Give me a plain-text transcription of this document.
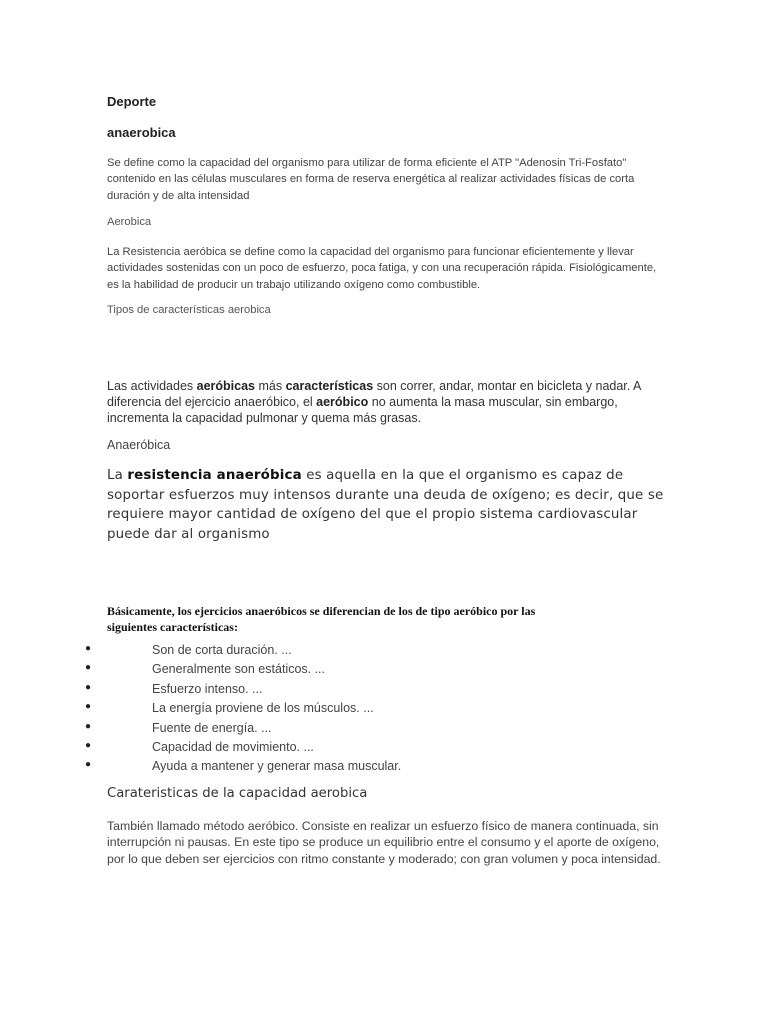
Deporte

anaerobica

Se define como la capacidad del organismo para utilizar de forma eficiente el ATP "Adenosin Tri-Fosfato" contenido en las células musculares en forma de reserva energética al realizar actividades físicas de corta duración y de alta intensidad

Aerobica

La Resistencia aeróbica se define como la capacidad del organismo para funcionar eficientemente y llevar actividades sostenidas con un poco de esfuerzo, poca fatiga, y con una recuperación rápida. Fisiológicamente, es la habilidad de producir un trabajo utilizando oxígeno como combustible.

Tipos de características aerobica

Las actividades aeróbicas más características son correr, andar, montar en bicicleta y nadar. A diferencia del ejercicio anaeróbico, el aeróbico no aumenta la masa muscular, sin embargo, incrementa la capacidad pulmonar y quema más grasas.

Anaeróbica

La resistencia anaeróbica es aquella en la que el organismo es capaz de soportar esfuerzos muy intensos durante una deuda de oxígeno; es decir, que se requiere mayor cantidad de oxígeno del que el propio sistema cardiovascular puede dar al organismo

Básicamente, los ejercicios anaeróbicos se diferencian de los de tipo aeróbico por las siguientes características:

●	Son de corta duración. ...
●	Generalmente son estáticos. ...
●	Esfuerzo intenso. ...
●	La energía proviene de los músculos. ...
●	Fuente de energía. ...
●	Capacidad de movimiento. ...
●	Ayuda a mantener y generar masa muscular.

Carateristicas de la capacidad aerobica

También llamado método aeróbico. Consiste en realizar un esfuerzo físico de manera continuada, sin interrupción ni pausas. En este tipo se produce un equilibrio entre el consumo y el aporte de oxígeno, por lo que deben ser ejercicios con ritmo constante y moderado; con gran volumen y poca intensidad.
